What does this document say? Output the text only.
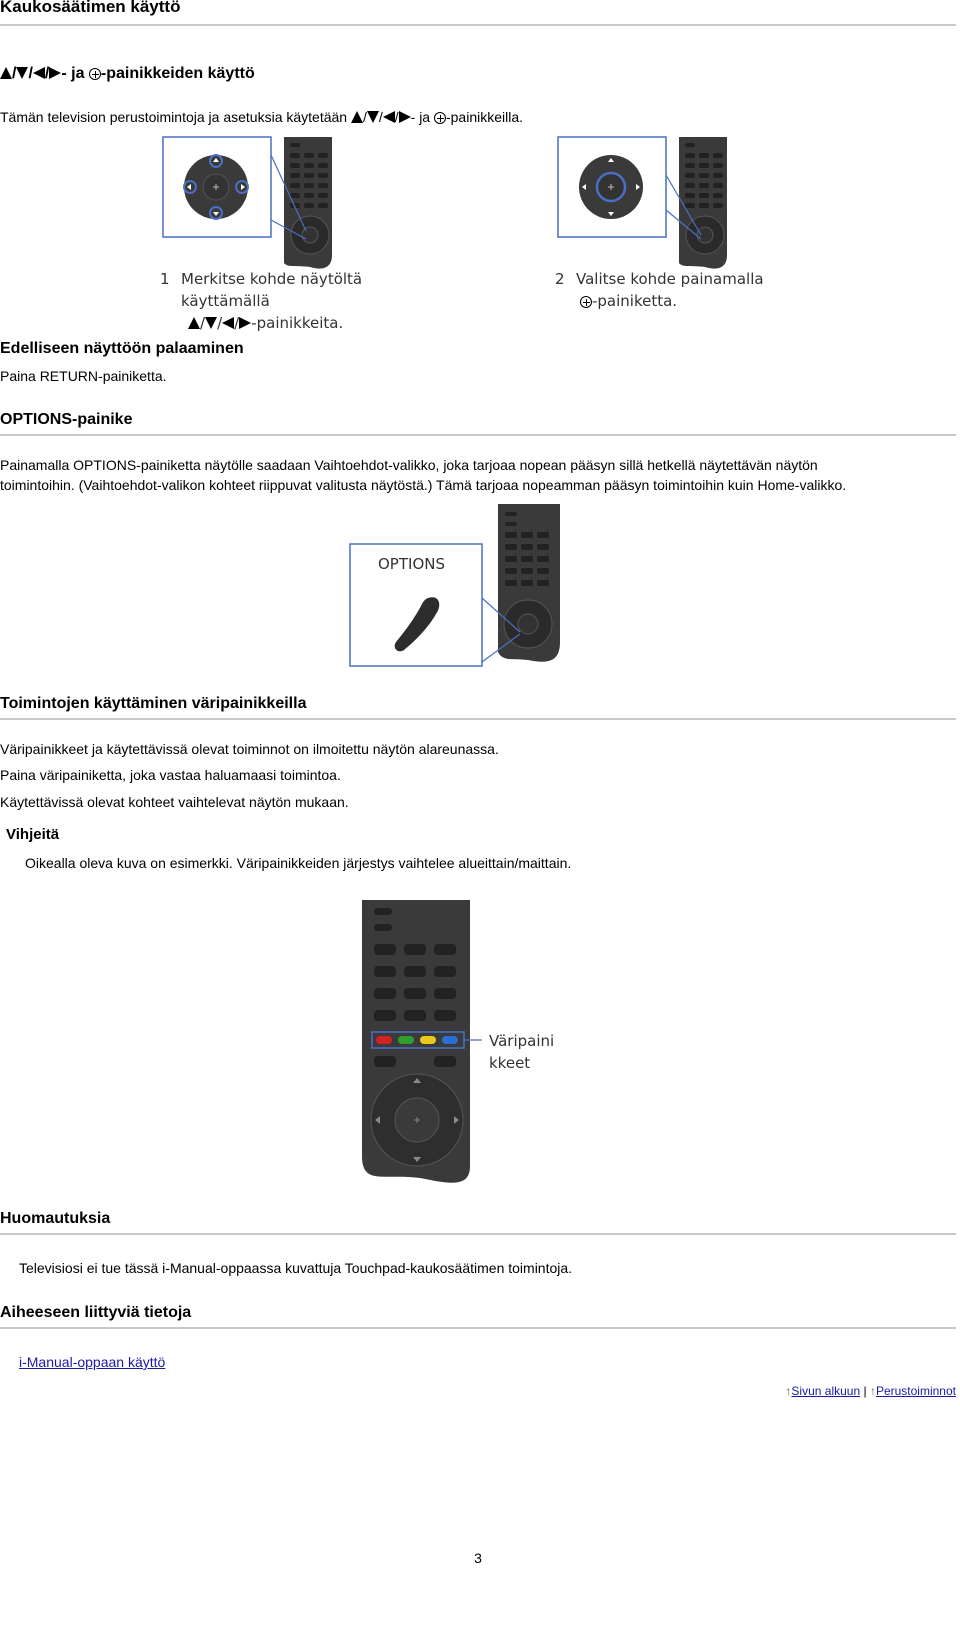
Kaukosäätimen käyttö
/ / / - ja -painikkeiden käyttö
Tämän television perustoimintoja ja asetuksia käytetään / / / - ja -painikkeilla.
1 Merkitse kohde näytöltä
käyttämällä
/ / / -painikkeita.
2 Valitse kohde painamalla
-painiketta.
Edelliseen näyttöön palaaminen
Paina RETURN-painiketta.
OPTIONS-painike
Painamalla OPTIONS-painiketta näytölle saadaan Vaihtoehdot-valikko, joka tarjoaa nopean pääsyn sillä hetkellä näytettävän näytön
toimintoihin. (Vaihtoehdot-valikon kohteet riippuvat valitusta näytöstä.) Tämä tarjoaa nopeamman pääsyn toimintoihin kuin Home-valikko.
OPTIONS
Toimintojen käyttäminen väripainikkeilla
Väripainikkeet ja käytettävissä olevat toiminnot on ilmoitettu näytön alareunassa.
Paina väripainiketta, joka vastaa haluamaasi toimintoa.
Käytettävissä olevat kohteet vaihtelevat näytön mukaan.
Vihjeitä
Oikealla oleva kuva on esimerkki. Väripainikkeiden järjestys vaihtelee alueittain/maittain.
Väripaini
kkeet
Huomautuksia
Televisiosi ei tue tässä i-Manual-oppaassa kuvattuja Touchpad-kaukosäätimen toimintoja.
Aiheeseen liittyviä tietoja
i-Manual-oppaan käyttö
↑Sivun alkuun | ↑Perustoiminnot
3
